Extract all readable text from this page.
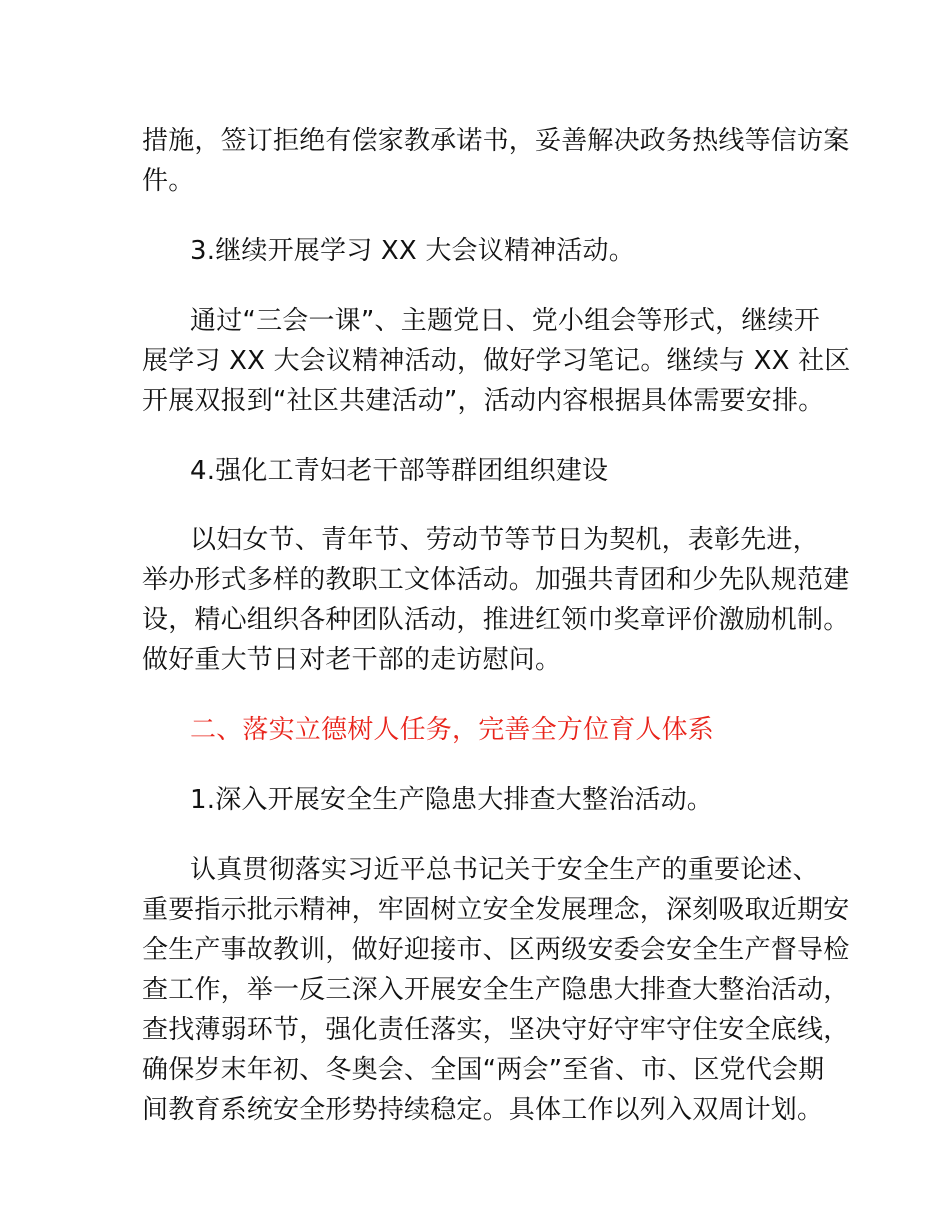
措施，签订拒绝有偿家教承诺书，妥善解决政务热线等信访案
件。
3.继续开展学习 XX 大会议精神活动。
通过“三会一课”、主题党日、党小组会等形式，继续开
展学习 XX 大会议精神活动，做好学习笔记。继续与 XX 社区
开展双报到“社区共建活动”，活动内容根据具体需要安排。
4.强化工青妇老干部等群团组织建设
以妇女节、青年节、劳动节等节日为契机，表彰先进，
举办形式多样的教职工文体活动。加强共青团和少先队规范建
设，精心组织各种团队活动，推进红领巾奖章评价激励机制。
做好重大节日对老干部的走访慰问。
二、落实立德树人任务，完善全方位育人体系
1.深入开展安全生产隐患大排查大整治活动。
认真贯彻落实习近平总书记关于安全生产的重要论述、
重要指示批示精神，牢固树立安全发展理念，深刻吸取近期安
全生产事故教训，做好迎接市、区两级安委会安全生产督导检
查工作，举一反三深入开展安全生产隐患大排查大整治活动，
查找薄弱环节，强化责任落实，坚决守好守牢守住安全底线，
确保岁末年初、冬奥会、全国“两会”至省、市、区党代会期
间教育系统安全形势持续稳定。具体工作以列入双周计划。
